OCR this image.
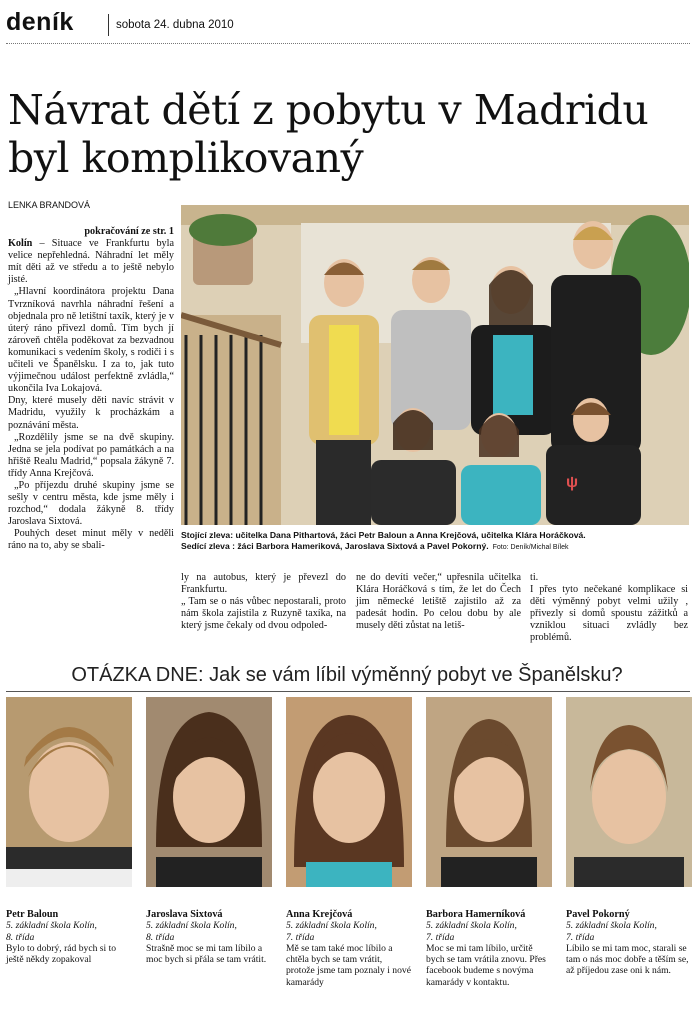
deník	sobota 24. dubna 2010
Návrat dětí z pobytu v Madridu byl komplikovaný
LENKA BRANDOVÁ

pokračování ze str. 1

Kolín – Situace ve Frankfurtu byla velice nepřehledná. Náhradní let měly mít děti až ve středu a to ještě nebylo jisté.

„Hlavní koordinátora projektu Dana Tvrzníková navrhla náhradní řešení a objednala pro ně letištní taxík, který je v úterý ráno přivezl domů. Tím bych jí zároveň chtěla poděkovat za bezvadnou komunikaci s vedením školy, s rodiči i s učiteli ve Španělsku. I za to, jak tuto výjimečnou událost perfektně zvládla,“ ukončila Iva Lokajová.

Dny, které musely děti navíc strávit v Madridu, využily k procházkám a poznávání města.

„Rozdělily jsme se na dvě skupiny. Jedna se jela podívat po památkách a na hřiště Realu Madrid,“ popsala žákyně 7. třídy Anna Krejčová.

„Po příjezdu druhé skupiny jsme se sešly v centru města, kde jsme měly i rozchod,“ dodala žákyně 8. třídy Jaroslava Sixtová.

Pouhých deset minut měly v neděli ráno na to, aby se sbali-

ψ
Stojící zleva: učitelka Dana Pithartová, žáci Petr Baloun a Anna Krejčová, učitelka Klára Horáčková.
Sedící zleva : žáci Barbora Hameriková, Jaroslava Sixtová a Pavel Pokorný. Foto: Deník/Michal Bílek
ly na autobus, který je převezl do Frankfurtu.
„ Tam se o nás vůbec nepostarali, proto nám škola zajistila z Ruzyně taxíka, na který jsme čekaly od dvou odpoled-
ne do devíti večer,“ upřesnila učitelka Klára Horáčková s tím, že let do Čech jim německé letiště zajistilo až za padesát hodin. Po celou dobu by ale musely děti zůstat na letiš-
ti.
I přes tyto nečekané komplikace si děti výměnný pobyt velmi užily , přivezly si domů spoustu zážitků a vzniklou situaci zvládly bez problémů.
OTÁZKA DNE: Jak se vám líbil výměnný pobyt ve Španělsku?
Petr Baloun
5. základní škola Kolín,
8. třída
Bylo to dobrý, rád bych si to ještě někdy zopakoval
Jaroslava Sixtová
5. základní škola Kolín,
8. třída
Strašně moc se mi tam líbilo a moc bych si přála se tam vrátit.
Anna Krejčová
5. základní škola Kolín,
7. třída
Mě se tam také moc líbilo a chtěla bych se tam vrátit, protože jsme tam poznaly i nové kamarády
Barbora Hamerníková
5. základní škola Kolín,
7. třída
Moc se mi tam líbilo, určitě bych se tam vrátila znovu. Přes facebook budeme s novýma kamarády v kontaktu.
Pavel Pokorný
5. základní škola Kolín,
7. třída
Líbilo se mi tam moc, starali se tam o nás moc dobře a těším se, až příjedou zase oni k nám.
